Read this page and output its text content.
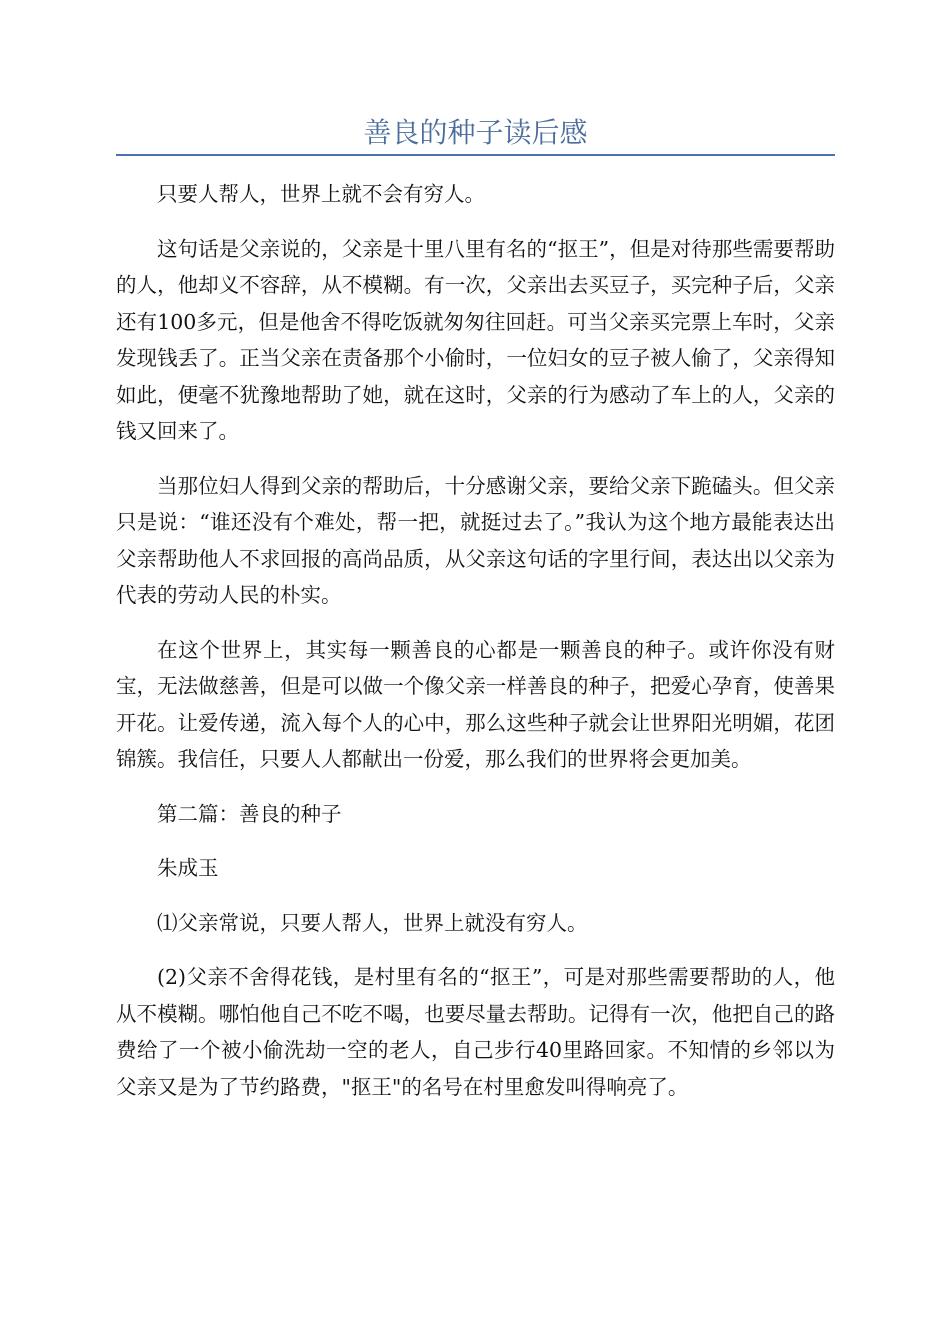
善良的种子读后感

只要人帮人，世界上就不会有穷人。

这句话是父亲说的，父亲是十里八里有名的“抠王”，但是对待那些需要帮助的人，他却义不容辞，从不模糊。有一次，父亲出去买豆子，买完种子后，父亲还有100多元，但是他舍不得吃饭就匆匆往回赶。可当父亲买完票上车时，父亲发现钱丢了。正当父亲在责备那个小偷时，一位妇女的豆子被人偷了，父亲得知如此，便毫不犹豫地帮助了她，就在这时，父亲的行为感动了车上的人，父亲的钱又回来了。

当那位妇人得到父亲的帮助后，十分感谢父亲，要给父亲下跪磕头。但父亲只是说：“谁还没有个难处，帮一把，就挺过去了。”我认为这个地方最能表达出父亲帮助他人不求回报的高尚品质，从父亲这句话的字里行间，表达出以父亲为代表的劳动人民的朴实。

在这个世界上，其实每一颗善良的心都是一颗善良的种子。或许你没有财宝，无法做慈善，但是可以做一个像父亲一样善良的种子，把爱心孕育，使善果开花。让爱传递，流入每个人的心中，那么这些种子就会让世界阳光明媚，花团锦簇。我信任，只要人人都献出一份爱，那么我们的世界将会更加美。

第二篇：善良的种子

朱成玉

⑴父亲常说，只要人帮人，世界上就没有穷人。

(2)父亲不舍得花钱，是村里有名的“抠王”，可是对那些需要帮助的人，他从不模糊。哪怕他自己不吃不喝，也要尽量去帮助。记得有一次，他把自己的路费给了一个被小偷洗劫一空的老人，自己步行40里路回家。不知情的乡邻以为父亲又是为了节约路费，"抠王"的名号在村里愈发叫得响亮了。
